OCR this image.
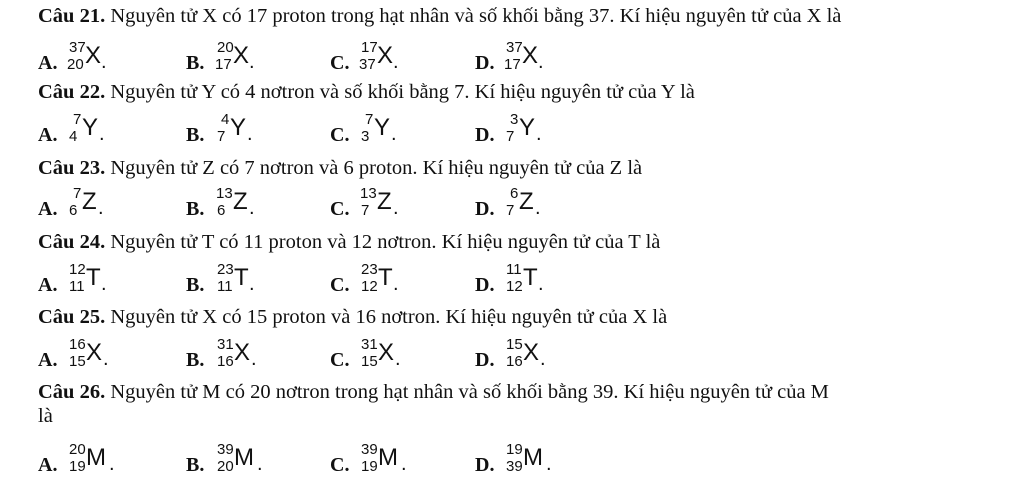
Câu 21. Nguyên tử X có 17 proton trong hạt nhân và số khối bằng 37. Kí hiệu nguyên tử của X là
A.
37
20 X .	B.
20
17 X .	C.
17
37 X .	D.
37
17 X .
Câu 22. Nguyên tử Y có 4 nơtron và số khối bằng 7. Kí hiệu nguyên tử của Y là
A.
7
4 Y .	B.
4
7 Y .	C.
7
3 Y .	D.
3
7 Y .
Câu 23. Nguyên tử Z có 7 nơtron và 6 proton. Kí hiệu nguyên tử của Z là
A.
7
6 Z .	B.
13
6 Z .	C.
13
7 Z .	D.
6
7 Z .
Câu 24. Nguyên tử T có 11 proton và 12 nơtron. Kí hiệu nguyên tử của T là
A.
12
11 T .	B.
23
11 T .	C.
23
12 T .	D.
11
12 T .
Câu 25. Nguyên tử X có 15 proton và 16 nơtron. Kí hiệu nguyên tử của X là
A.
16
15 X .	B.
31
16 X .	C.
31
15 X .	D.
15
16 X .
Câu 26. Nguyên tử M có 20 nơtron trong hạt nhân và số khối bằng 39. Kí hiệu nguyên tử của M
là
A.
20
19 M .	B.
39
20 M .	C.
39
19 M .	D.
19
39 M .
